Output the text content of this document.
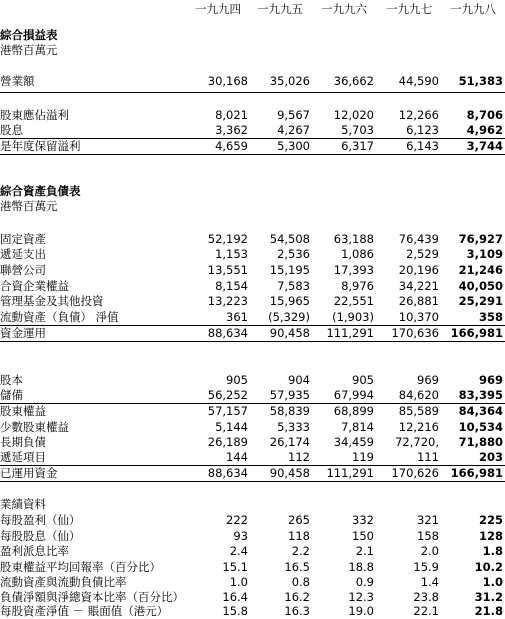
一九九四	一九九五	一九九六	一九九七	一九九八
綜合損益表
港幣百萬元
營業額	30,168	35,026	36,662	44,590	51,383
股東應佔溢利	8,021	9,567	12,020	12,266	8,706
股息	3,362	4,267	5,703	6,123	4,962
是年度保留溢利	4,659	5,300	6,317	6,143	3,744
綜合資產負債表
港幣百萬元
固定資產	52,192	54,508	63,188	76,439	76,927
遞延支出	1,153	2,536	1,086	2,529	3,109
聯營公司	13,551	15,195	17,393	20,196	21,246
合資企業權益	8,154	7,583	8,976	34,221	40,050
管理基金及其他投資	13,223	15,965	22,551	26,881	25,291
流動資產（負債） 淨值	361	(5,329)	(1,903)	10,370	358
資金運用	88,634	90,458	111,291	170,636	166,981
股本	905	904	905	969	969
儲備	56,252	57,935	67,994	84,620	83,395
股東權益	57,157	58,839	68,899	85,589	84,364
少數股東權益	5,144	5,333	7,814	12,216	10,534
長期負債	26,189	26,174	34,459	72,720,	71,880
遞延項目	144	112	119	111	203
已運用資金	88,634	90,458	111,291	170,626	166,981
業績資料
每股盈利（仙）	222	265	332	321	225
每股股息（仙）	93	118	150	158	128
盈利派息比率	2.4	2.2	2.1	2.0	1.8
股東權益平均回報率（百分比）	15.1	16.5	18.8	15.9	10.2
流動資產與流動負債比率	1.0	0.8	0.9	1.4	1.0
負債淨額與淨總資本比率（百分比）	16.4	16.2	12.3	23.8	31.2
每股資產淨值 － 賬面值（港元）	15.8	16.3	19.0	22.1	21.8
